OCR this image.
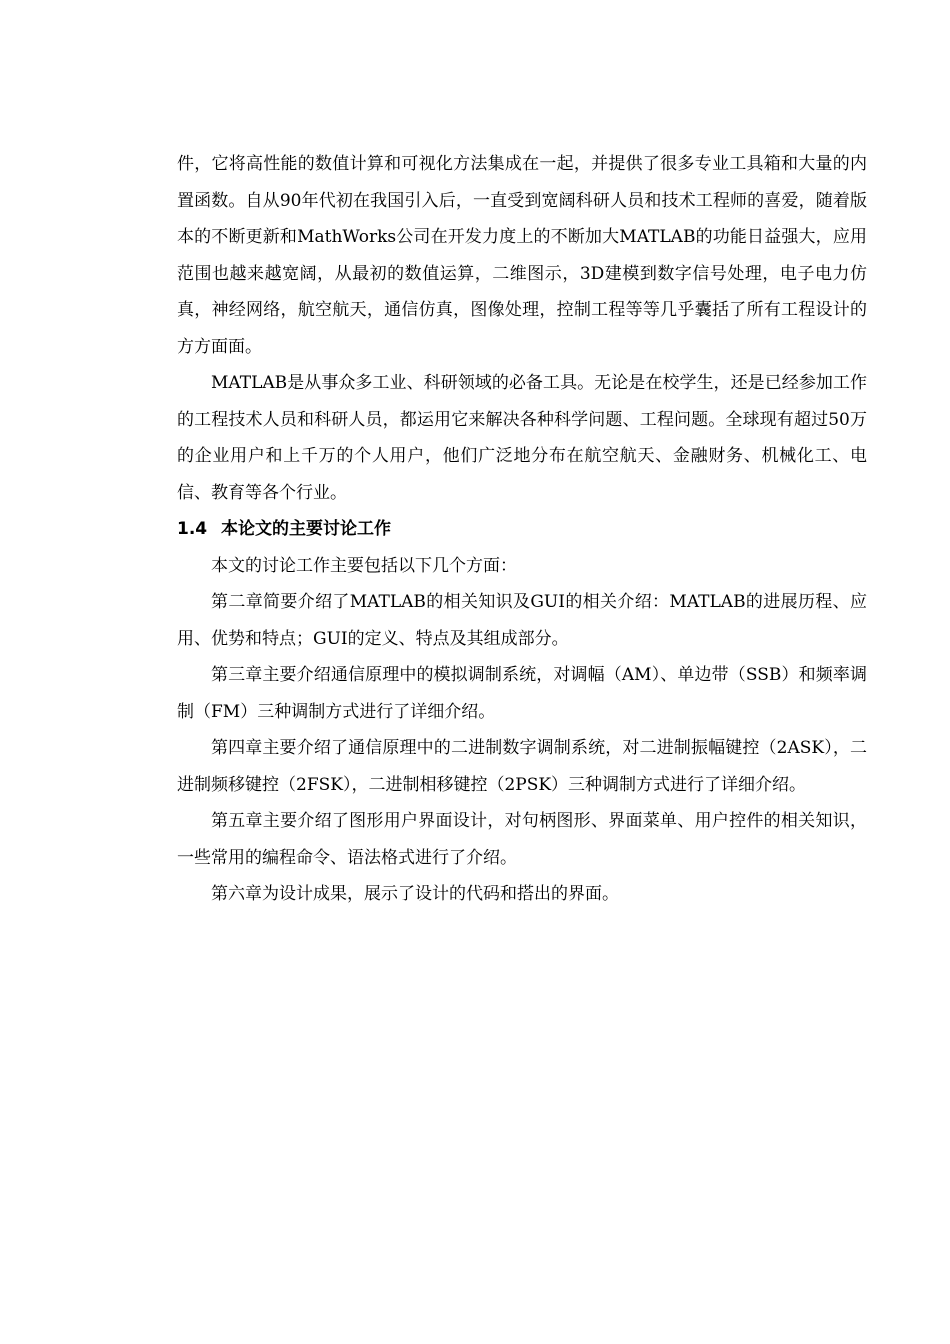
件，它将高性能的数值计算和可视化方法集成在一起，并提供了很多专业工具箱和大量的内置函数。自从90年代初在我国引入后，一直受到宽阔科研人员和技术工程师的喜爱，随着版本的不断更新和MathWorks公司在开发力度上的不断加大MATLAB的功能日益强大，应用范围也越来越宽阔，从最初的数值运算，二维图示，3D建模到数字信号处理，电子电力仿真，神经网络，航空航天，通信仿真，图像处理，控制工程等等几乎囊括了所有工程设计的方方面面。

MATLAB是从事众多工业、科研领域的必备工具。无论是在校学生，还是已经参加工作的工程技术人员和科研人员，都运用它来解决各种科学问题、工程问题。全球现有超过50万的企业用户和上千万的个人用户，他们广泛地分布在航空航天、金融财务、机械化工、电信、教育等各个行业。

1.4 本论文的主要讨论工作

本文的讨论工作主要包括以下几个方面：

第二章简要介绍了MATLAB的相关知识及GUI的相关介绍：MATLAB的进展历程、应用、优势和特点；GUI的定义、特点及其组成部分。

第三章主要介绍通信原理中的模拟调制系统，对调幅（AM）、单边带（SSB）和频率调制（FM）三种调制方式进行了详细介绍。

第四章主要介绍了通信原理中的二进制数字调制系统，对二进制振幅键控（2ASK），二进制频移键控（2FSK），二进制相移键控（2PSK）三种调制方式进行了详细介绍。

第五章主要介绍了图形用户界面设计，对句柄图形、界面菜单、用户控件的相关知识，一些常用的编程命令、语法格式进行了介绍。

第六章为设计成果，展示了设计的代码和搭出的界面。
